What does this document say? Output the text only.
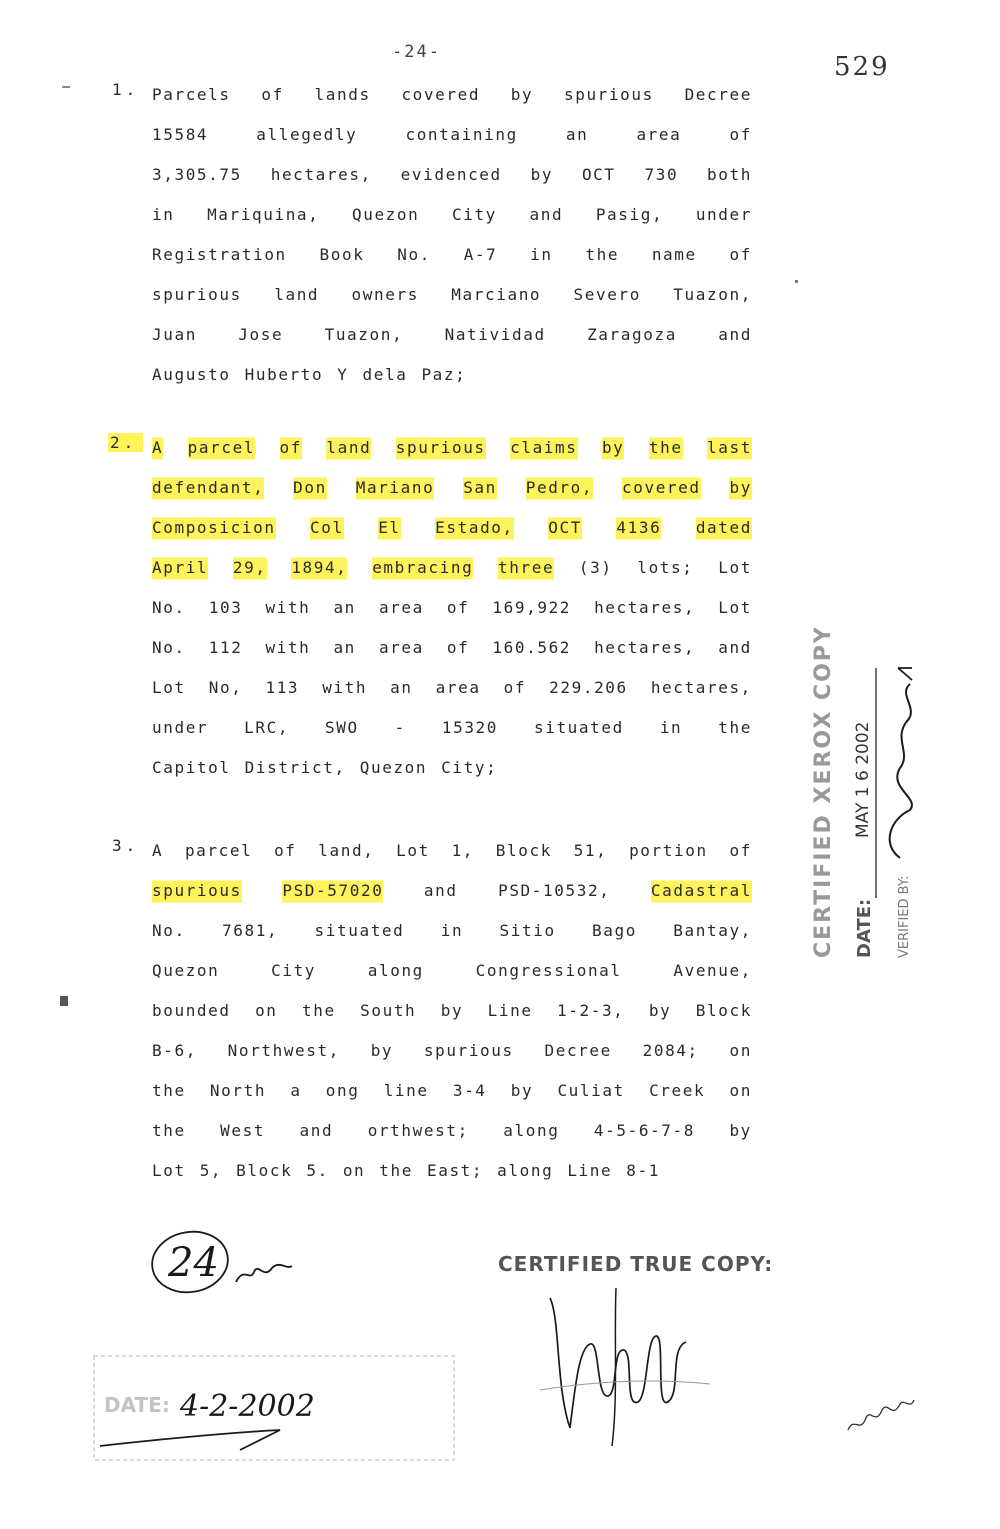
-24-	529
1. Parcels of lands covered by spurious Decree
15584	allegedly	containing	an	area	of
3,305.75 hectares, evidenced by OCT 730 both
in Mariquina, Quezon City and Pasig, under
Registration Book No. A-7 in the name of
spurious land owners Marciano Severo Tuazon,
Juan	Jose	Tuazon,	Natividad	Zaragoza	and
Augusto Huberto Y dela Paz;
2. A parcel of land spurious claims by the last
defendant, Don Mariano San Pedro, covered by
Composicion Col El Estado, OCT 4136 dated
April 29, 1894, embracing three (3) lots; Lot
No. 103 with an area of 169,922 hectares, Lot
No. 112 with an area of 160.562 hectares, and
Lot No, 113 with an area of 229.206 hectares,
under LRC, SWO - 15320 situated in the
Capitol District, Quezon City;
3. A parcel of land, Lot 1, Block 51, portion of
spurious	PSD-57020	and	PSD-10532,	Cadastral
No. 7681, situated in Sitio Bago Bantay,
Quezon	City	along	Congressional	Avenue,
bounded on the South by Line 1-2-3, by Block
B-6, Northwest, by spurious Decree 2084; on
the North a ong line 3-4 by Culiat Creek on
the West and orthwest; along 4-5-6-7-8 by
Lot 5, Block 5. on the East; along Line 8-1
CERTIFIED XEROX COPY DATE:
MAY 1 6 2002
VERIFIED BY:
24	CERTIFIED TRUE COPY:
DATE: 4-2-2002
